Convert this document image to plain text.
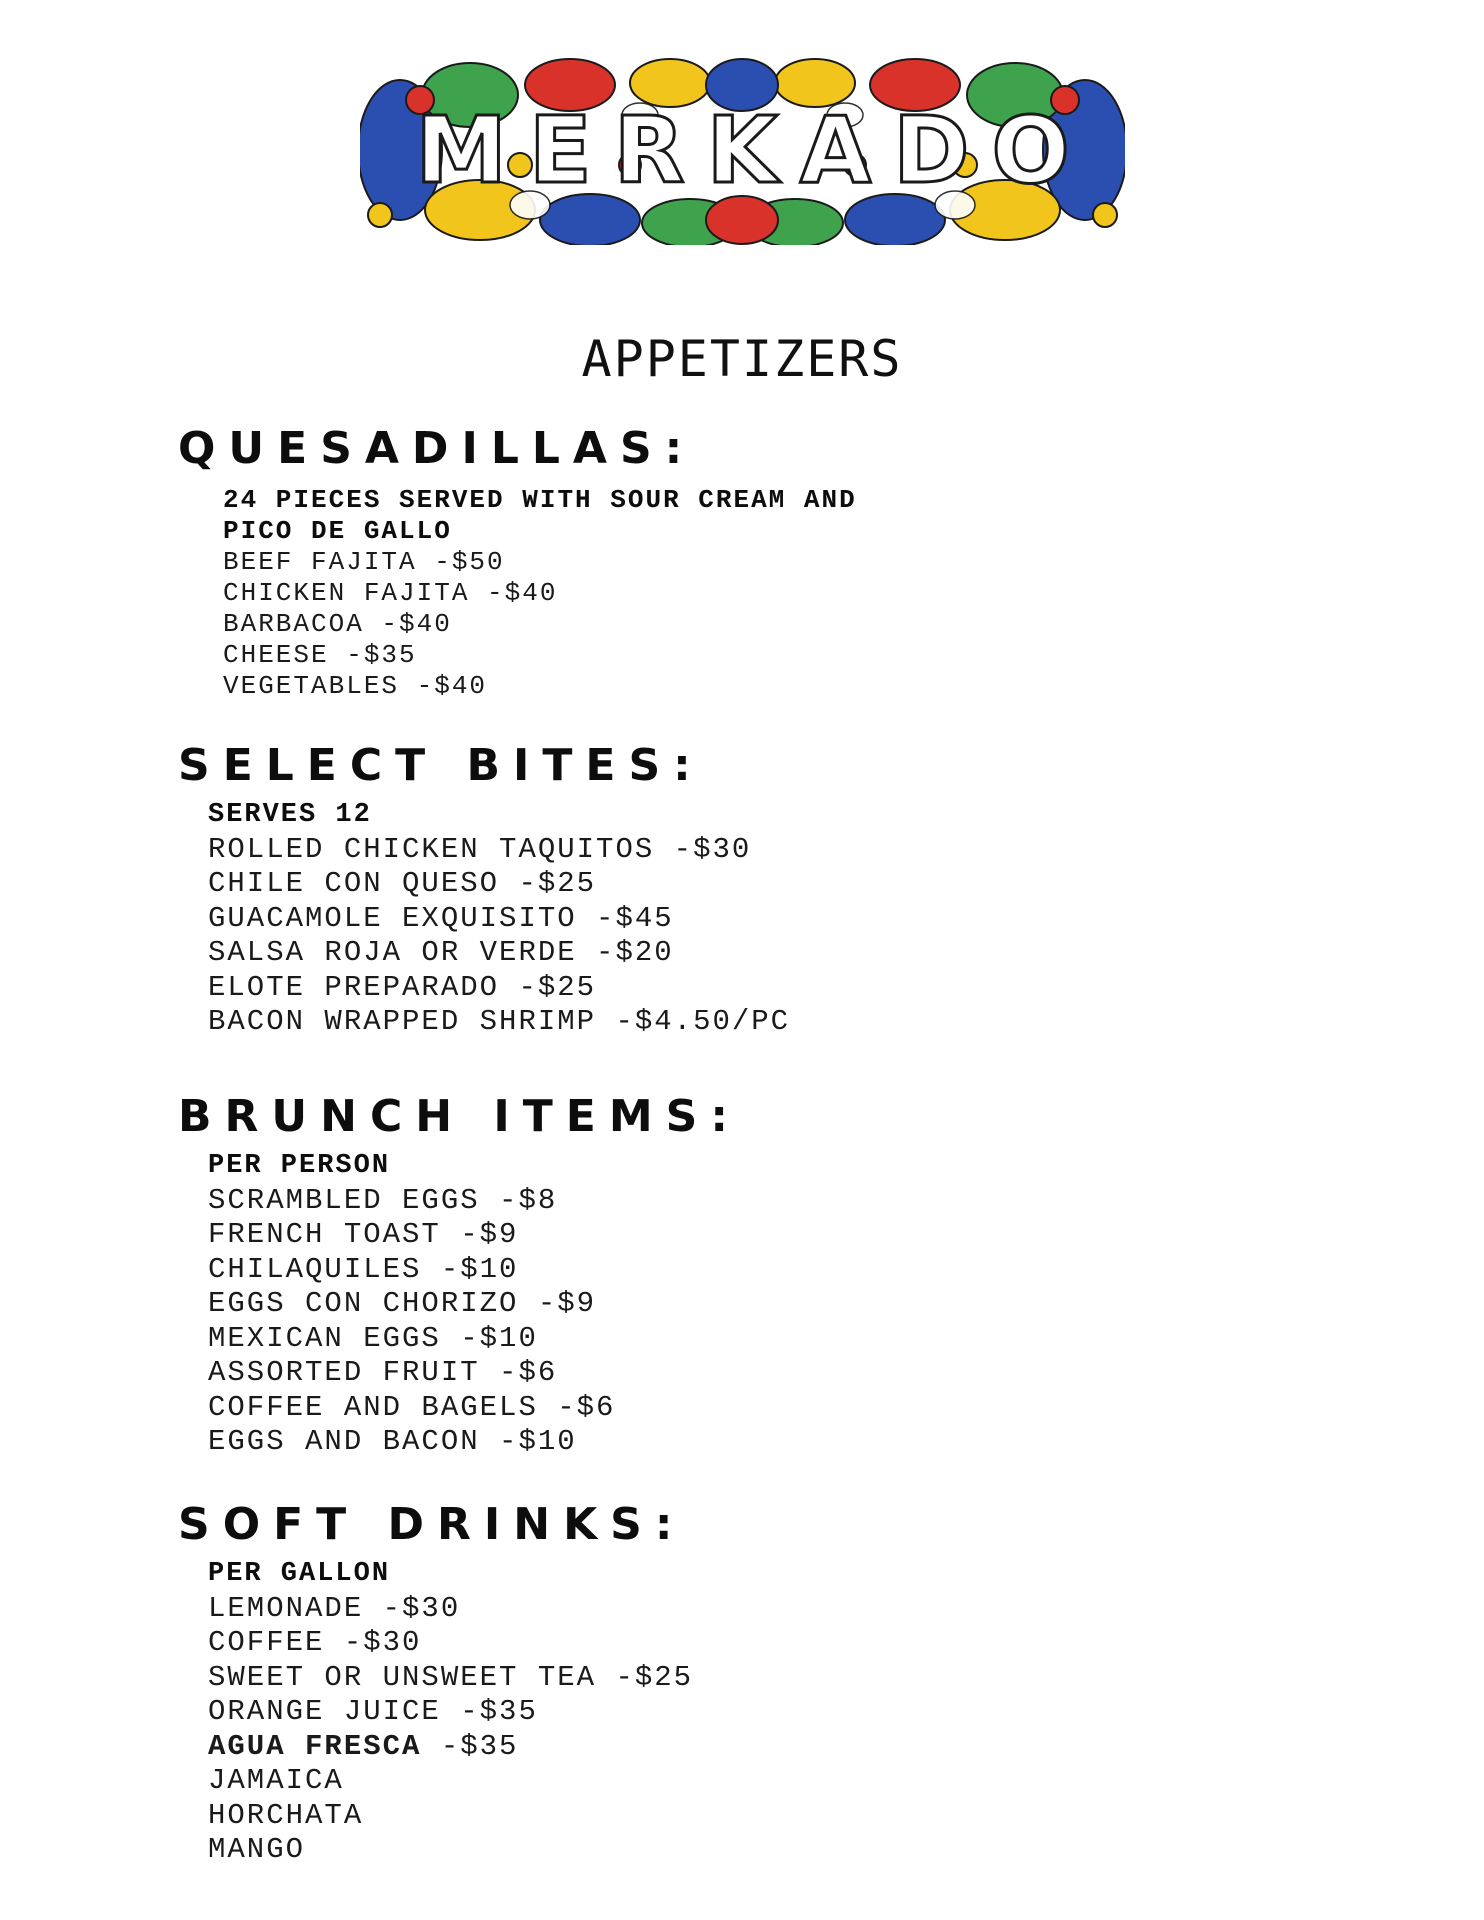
MERKADO
APPETIZERS
QUESADILLAS:
24 PIECES SERVED WITH SOUR CREAM AND
PICO DE GALLO
BEEF FAJITA -$50
CHICKEN FAJITA -$40
BARBACOA -$40
CHEESE -$35
VEGETABLES -$40
SELECT BITES:
SERVES 12
ROLLED CHICKEN TAQUITOS -$30
CHILE CON QUESO -$25
GUACAMOLE EXQUISITO -$45
SALSA ROJA OR VERDE -$20
ELOTE PREPARADO -$25
BACON WRAPPED SHRIMP -$4.50/PC
BRUNCH ITEMS:
PER PERSON
SCRAMBLED EGGS -$8
FRENCH TOAST -$9
CHILAQUILES -$10
EGGS CON CHORIZO -$9
MEXICAN EGGS -$10
ASSORTED FRUIT -$6
COFFEE AND BAGELS -$6
EGGS AND BACON -$10
SOFT DRINKS:
PER GALLON
LEMONADE -$30
COFFEE -$30
SWEET OR UNSWEET TEA -$25
ORANGE JUICE -$35
AGUA FRESCA -$35
JAMAICA
HORCHATA
MANGO
